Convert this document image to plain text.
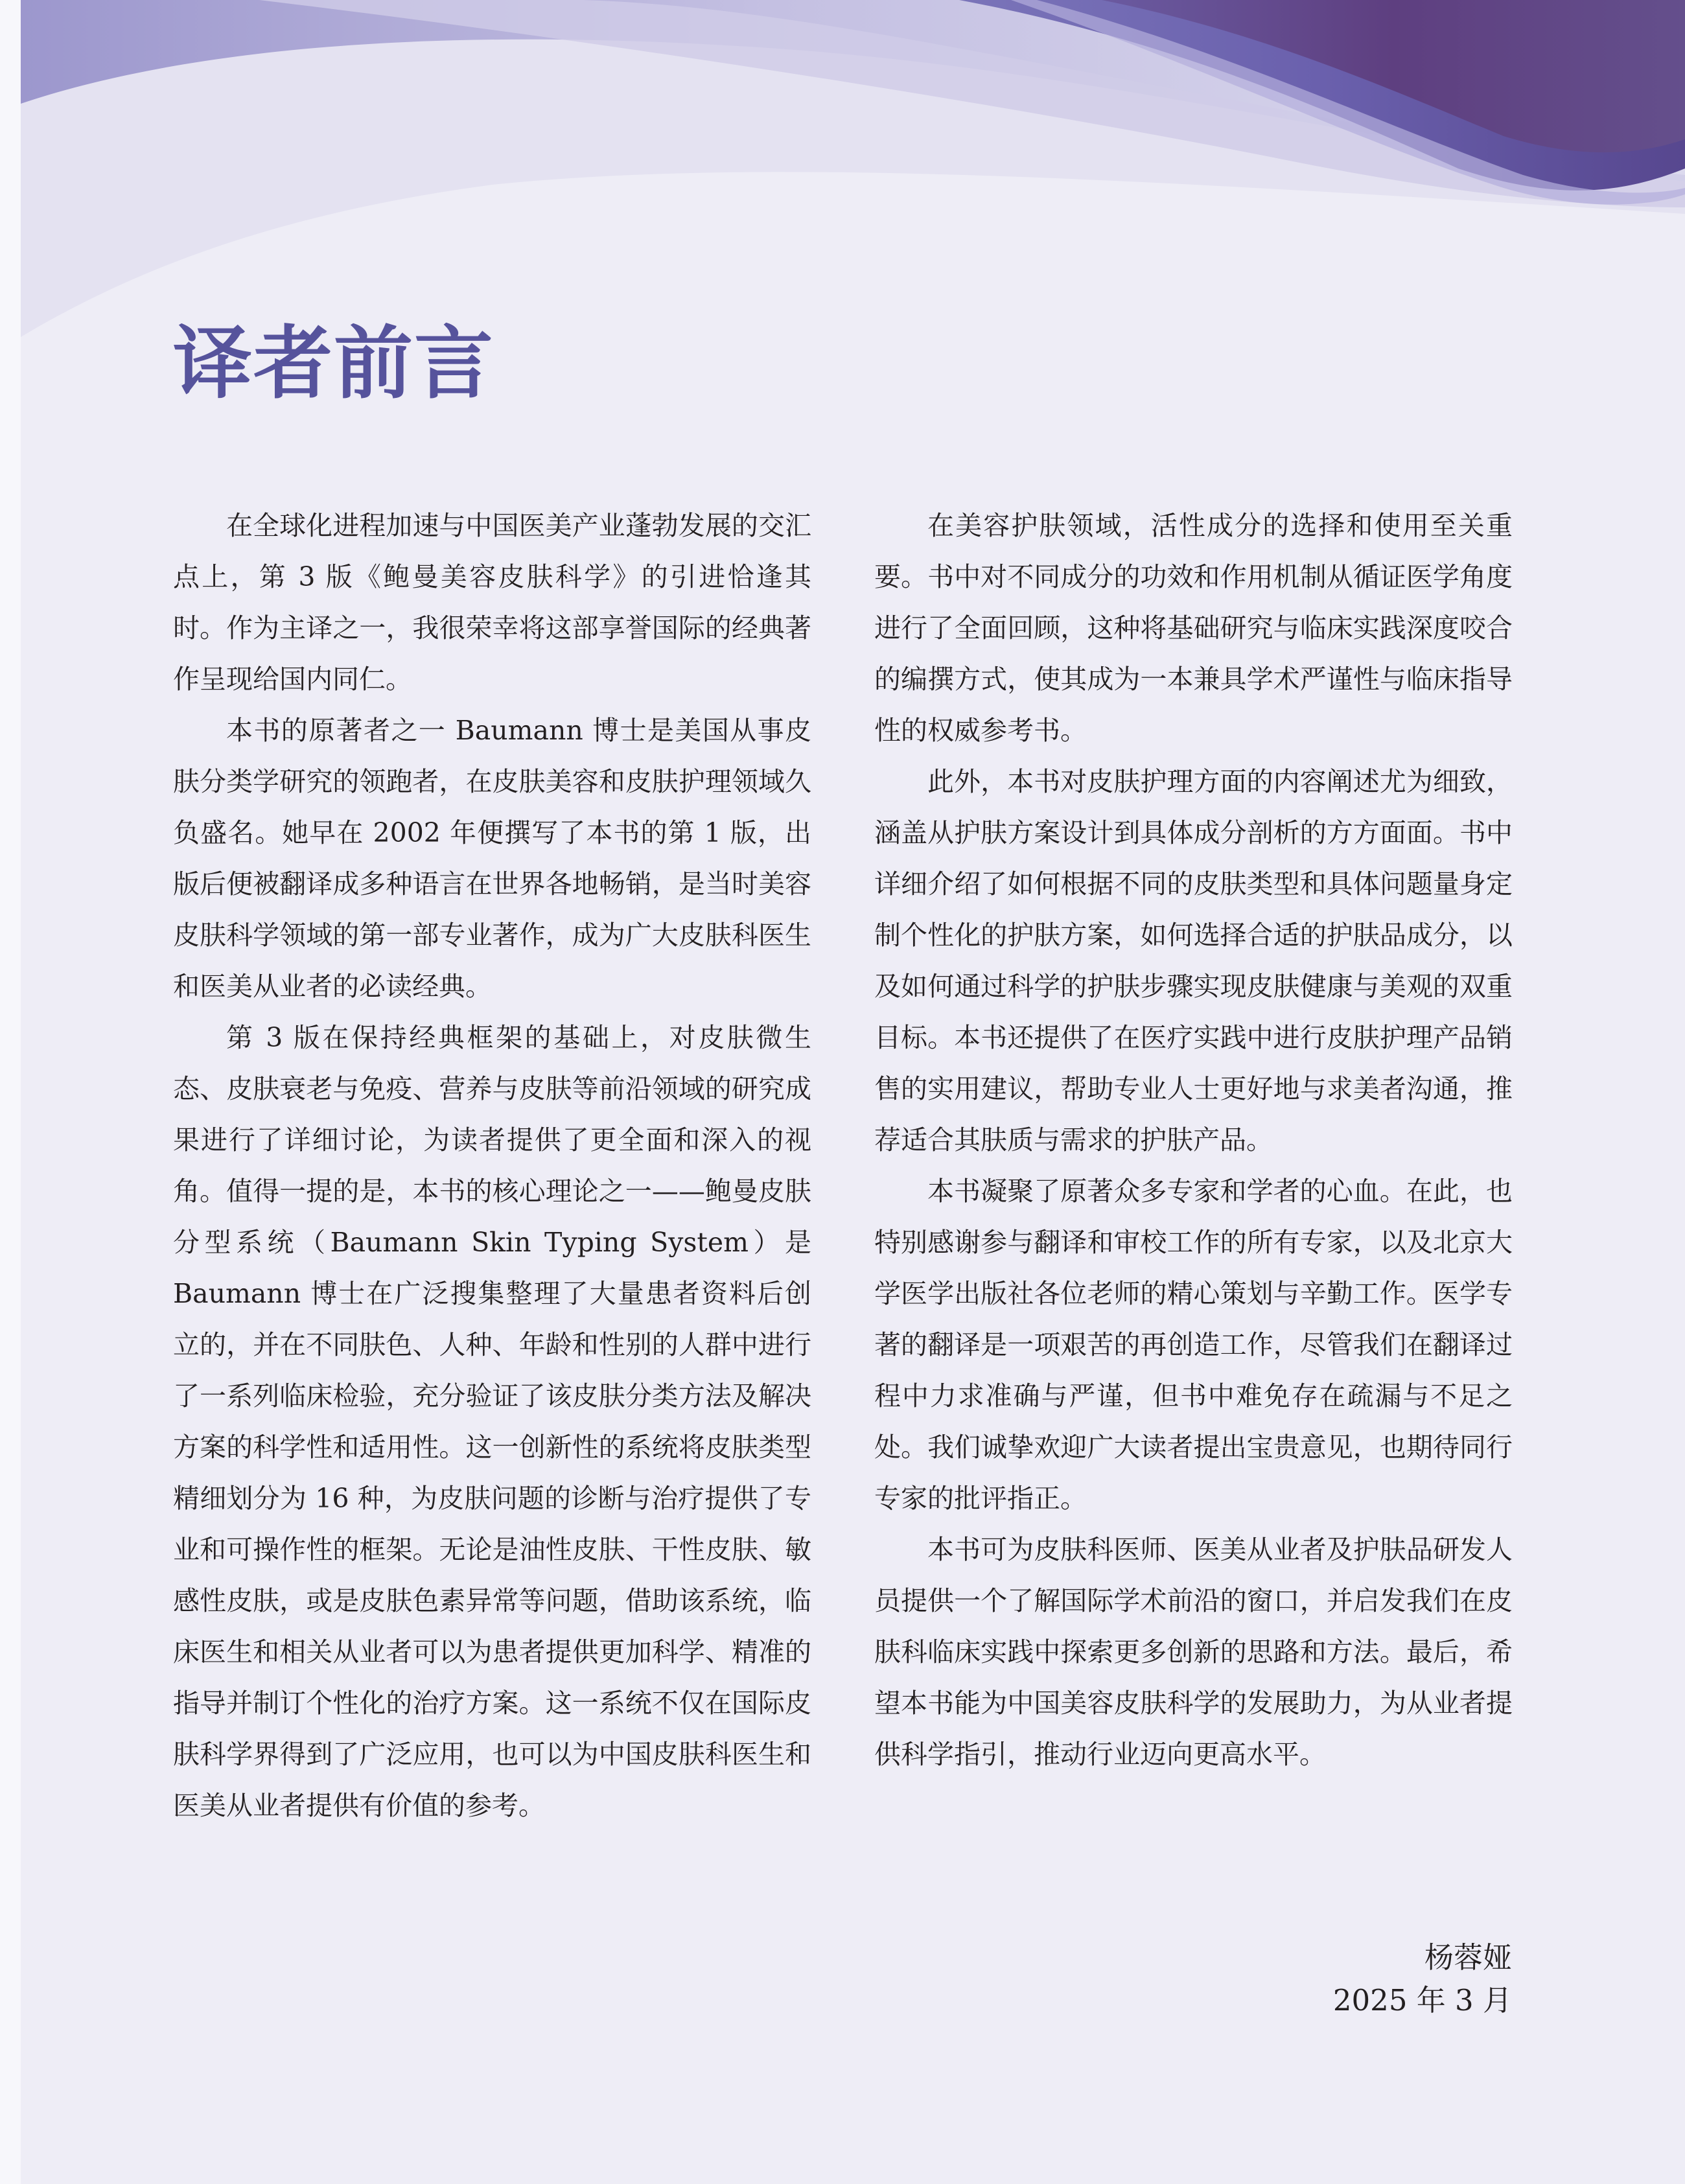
译者前言

在全球化进程加速与中国医美产业蓬勃发展的交汇点上，第 3 版《鲍曼美容皮肤科学》的引进恰逢其时。作为主译之一，我很荣幸将这部享誉国际的经典著作呈现给国内同仁。

本书的原著者之一 Baumann 博士是美国从事皮肤分类学研究的领跑者，在皮肤美容和皮肤护理领域久负盛名。她早在 2002 年便撰写了本书的第 1 版，出版后便被翻译成多种语言在世界各地畅销，是当时美容皮肤科学领域的第一部专业著作，成为广大皮肤科医生和医美从业者的必读经典。

第 3 版在保持经典框架的基础上，对皮肤微生态、皮肤衰老与免疫、营养与皮肤等前沿领域的研究成果进行了详细讨论，为读者提供了更全面和深入的视角。值得一提的是，本书的核心理论之一——鲍曼皮肤分型系统（Baumann Skin Typing System）是 Baumann 博士在广泛搜集整理了大量患者资料后创立的，并在不同肤色、人种、年龄和性别的人群中进行了一系列临床检验，充分验证了该皮肤分类方法及解决方案的科学性和适用性。这一创新性的系统将皮肤类型精细划分为 16 种，为皮肤问题的诊断与治疗提供了专业和可操作性的框架。无论是油性皮肤、干性皮肤、敏感性皮肤，或是皮肤色素异常等问题，借助该系统，临床医生和相关从业者可以为患者提供更加科学、精准的指导并制订个性化的治疗方案。这一系统不仅在国际皮肤科学界得到了广泛应用，也可以为中国皮肤科医生和医美从业者提供有价值的参考。

在美容护肤领域，活性成分的选择和使用至关重要。书中对不同成分的功效和作用机制从循证医学角度进行了全面回顾，这种将基础研究与临床实践深度咬合的编撰方式，使其成为一本兼具学术严谨性与临床指导性的权威参考书。

此外，本书对皮肤护理方面的内容阐述尤为细致，涵盖从护肤方案设计到具体成分剖析的方方面面。书中详细介绍了如何根据不同的皮肤类型和具体问题量身定制个性化的护肤方案，如何选择合适的护肤品成分，以及如何通过科学的护肤步骤实现皮肤健康与美观的双重目标。本书还提供了在医疗实践中进行皮肤护理产品销售的实用建议，帮助专业人士更好地与求美者沟通，推荐适合其肤质与需求的护肤产品。

本书凝聚了原著众多专家和学者的心血。在此，也特别感谢参与翻译和审校工作的所有专家，以及北京大学医学出版社各位老师的精心策划与辛勤工作。医学专著的翻译是一项艰苦的再创造工作，尽管我们在翻译过程中力求准确与严谨，但书中难免存在疏漏与不足之处。我们诚挚欢迎广大读者提出宝贵意见，也期待同行专家的批评指正。

本书可为皮肤科医师、医美从业者及护肤品研发人员提供一个了解国际学术前沿的窗口，并启发我们在皮肤科临床实践中探索更多创新的思路和方法。最后，希望本书能为中国美容皮肤科学的发展助力，为从业者提供科学指引，推动行业迈向更高水平。

杨蓉娅
2025 年 3 月
